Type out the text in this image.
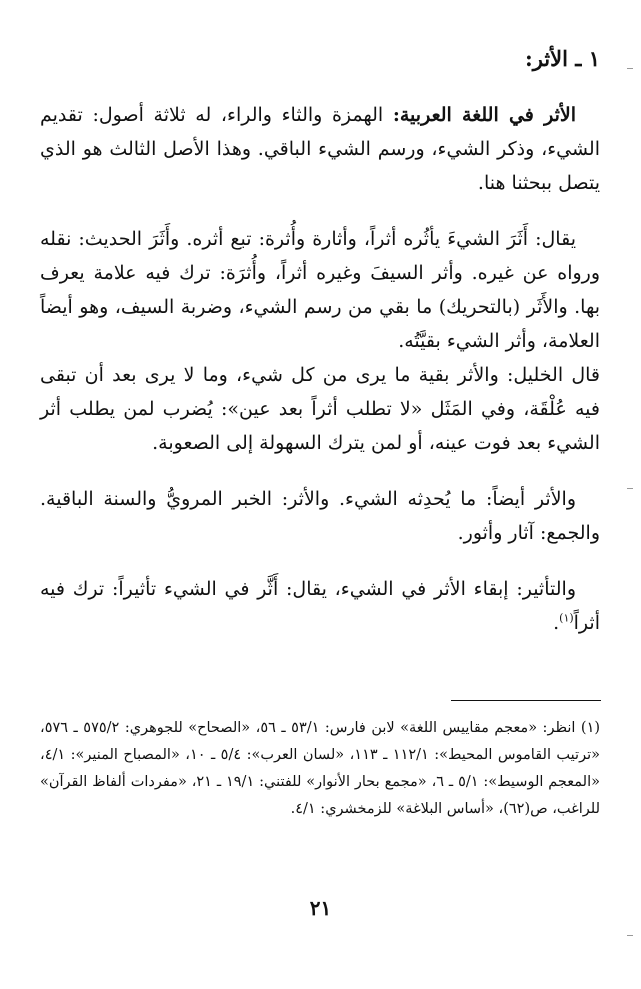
١ ـ الأثر:

الأثر في اللغة العربية: الهمزة والثاء والراء، له ثلاثة أصول: تقديم الشيء، وذكر الشيء، ورسم الشيء الباقي. وهذا الأصل الثالث هو الذي يتصل ببحثنا هنا.

يقال: أَثَرَ الشيءَ يأثُره أثراً، وأثارة وأُثرة: تبع أثره. وأَثَرَ الحديث: نقله ورواه عن غيره. وأثر السيفَ وغيره أثراً، وأُثرَة: ترك فيه علامة يعرف بها. والأَثَر (بالتحريك) ما بقي من رسم الشيء، وضربة السيف، وهو أيضاً العلامة، وأثر الشيء بقيَّتُه.

قال الخليل: والأثر بقية ما يرى من كل شيء، وما لا يرى بعد أن تبقى فيه عُلْقَة، وفي المَثَل «لا تطلب أثراً بعد عين»: يُضرب لمن يطلب أثر الشيء بعد فوت عينه، أو لمن يترك السهولة إلى الصعوبة.

والأثر أيضاً: ما يُحدِثه الشيء. والأثر: الخبر المرويُّ والسنة الباقية. والجمع: آثار وأثور.

والتأثير: إبقاء الأثر في الشيء، يقال: أَثَّر في الشيء تأثيراً: ترك فيه أثراً$^{(١)}$.

(١) انظر: «معجم مقاييس اللغة» لابن فارس: ٥٣/١ ـ ٥٦، «الصحاح» للجوهري: ٥٧٥/٢ ـ ٥٧٦، «ترتيب القاموس المحيط»: ١١٢/١ ـ ١١٣، «لسان العرب»: ٥/٤ ـ ١٠، «المصباح المنير»: ٤/١، «المعجم الوسيط»: ٥/١ ـ ٦، «مجمع بحار الأنوار» للفتني: ١٩/١ ـ ٢١، «مفردات ألفاظ القرآن» للراغب، ص(٦٢)، «أساس البلاغة» للزمخشري: ٤/١.
٢١
